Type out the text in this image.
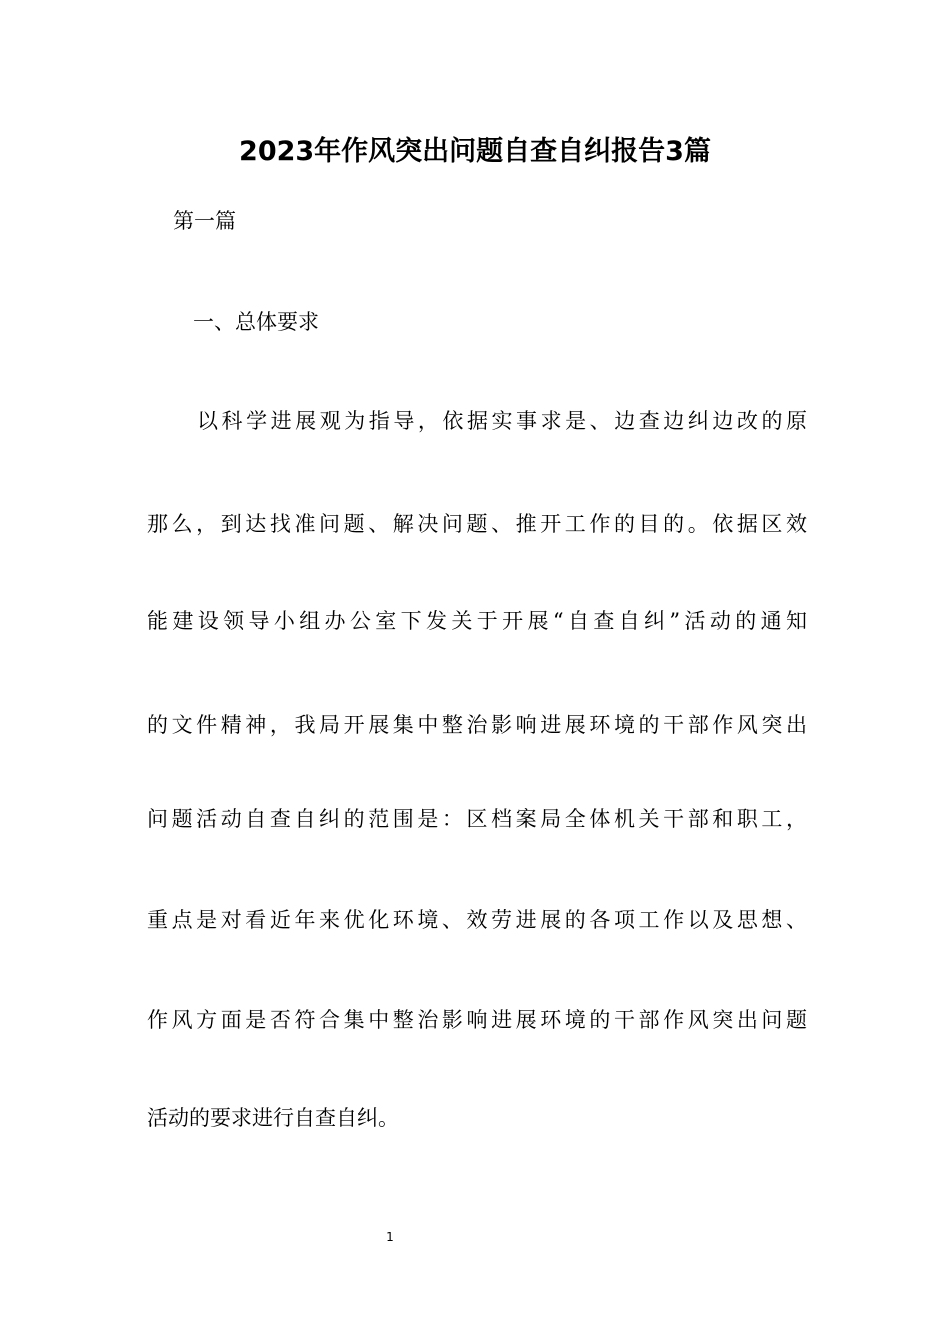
2023年作风突出问题自查自纠报告3篇

第一篇

一、总体要求

以科学进展观为指导，依据实事求是、边查边纠边改的原

那么，到达找准问题、解决问题、推开工作的目的。依据区效

能建设领导小组办公室下发关于开展“自查自纠”活动的通知

的文件精神，我局开展集中整治影响进展环境的干部作风突出

问题活动自查自纠的范围是：区档案局全体机关干部和职工，

重点是对看近年来优化环境、效劳进展的各项工作以及思想、

作风方面是否符合集中整治影响进展环境的干部作风突出问题

活动的要求进行自查自纠。

1
